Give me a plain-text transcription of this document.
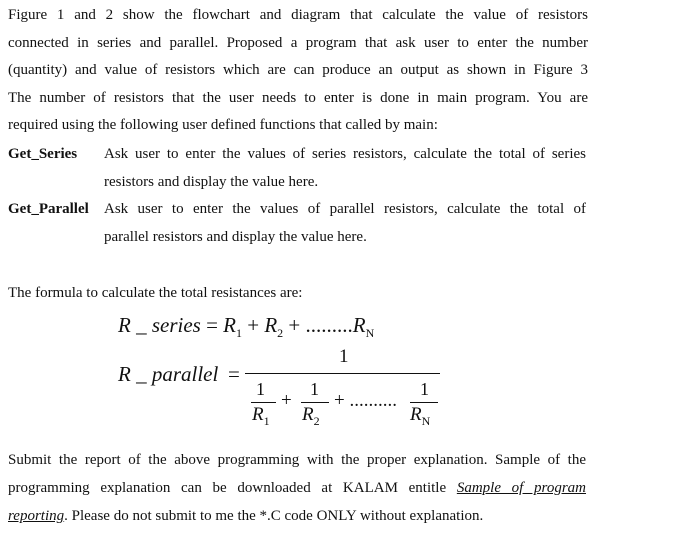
Figure 1 and 2 show the flowchart and diagram that calculate the value of resistors
connected in series and parallel. Proposed a program that ask user to enter the number
(quantity) and value of resistors which are can produce an output as shown in Figure 3
The number of resistors that the user needs to enter is done in main program. You are
required using the following user defined functions that called by main:
Get_Series Ask user to enter the values of series resistors, calculate the total of series
resistors and display the value here.
Get_Parallel Ask user to enter the values of parallel resistors, calculate the total of
parallel resistors and display the value here.
The formula to calculate the total resistances are:
R _ series = $R_1 + R_2 + .........R_N$
R _ parallel =
1
1
$R_1$
+
1
$R_2$
+ ..........
1
$R_N$
Submit the report of the above programming with the proper explanation. Sample of the
programming explanation can be downloaded at KALAM entitle Sample of program
reporting. Please do not submit to me the *.C code ONLY without explanation.
